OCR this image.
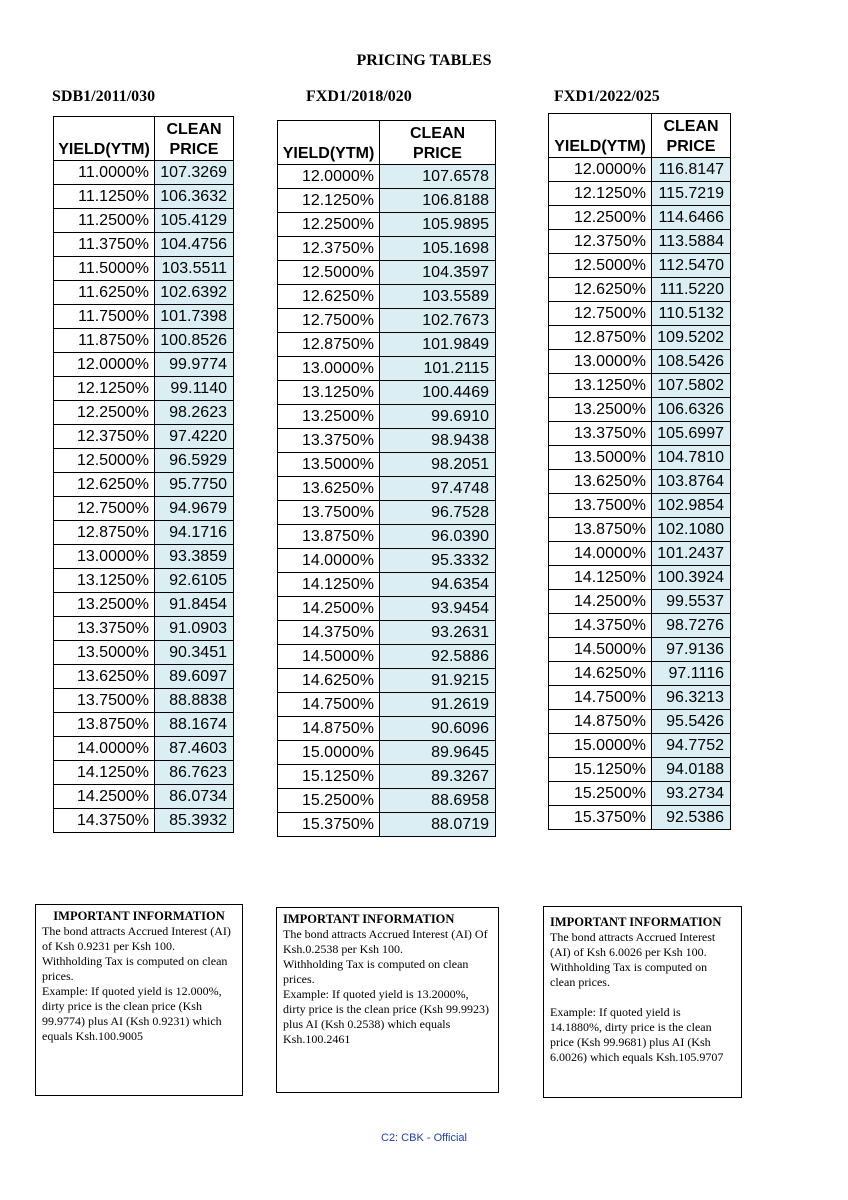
PRICING TABLES
SDB1/2011/030	FXD1/2018/020	FXD1/2022/025
YIELD(YTM)	CLEAN
PRICE
11.0000%	107.3269
11.1250%	106.3632
11.2500%	105.4129
11.3750%	104.4756
11.5000%	103.5511
11.6250%	102.6392
11.7500%	101.7398
11.8750%	100.8526
12.0000%	99.9774
12.1250%	99.1140
12.2500%	98.2623
12.3750%	97.4220
12.5000%	96.5929
12.6250%	95.7750
12.7500%	94.9679
12.8750%	94.1716
13.0000%	93.3859
13.1250%	92.6105
13.2500%	91.8454
13.3750%	91.0903
13.5000%	90.3451
13.6250%	89.6097
13.7500%	88.8838
13.8750%	88.1674
14.0000%	87.4603
14.1250%	86.7623
14.2500%	86.0734
14.3750%	85.3932
YIELD(YTM)	CLEAN
PRICE
12.0000%	107.6578
12.1250%	106.8188
12.2500%	105.9895
12.3750%	105.1698
12.5000%	104.3597
12.6250%	103.5589
12.7500%	102.7673
12.8750%	101.9849
13.0000%	101.2115
13.1250%	100.4469
13.2500%	99.6910
13.3750%	98.9438
13.5000%	98.2051
13.6250%	97.4748
13.7500%	96.7528
13.8750%	96.0390
14.0000%	95.3332
14.1250%	94.6354
14.2500%	93.9454
14.3750%	93.2631
14.5000%	92.5886
14.6250%	91.9215
14.7500%	91.2619
14.8750%	90.6096
15.0000%	89.9645
15.1250%	89.3267
15.2500%	88.6958
15.3750%	88.0719
YIELD(YTM)	CLEAN
PRICE
12.0000%	116.8147
12.1250%	115.7219
12.2500%	114.6466
12.3750%	113.5884
12.5000%	112.5470
12.6250%	111.5220
12.7500%	110.5132
12.8750%	109.5202
13.0000%	108.5426
13.1250%	107.5802
13.2500%	106.6326
13.3750%	105.6997
13.5000%	104.7810
13.6250%	103.8764
13.7500%	102.9854
13.8750%	102.1080
14.0000%	101.2437
14.1250%	100.3924
14.2500%	99.5537
14.3750%	98.7276
14.5000%	97.9136
14.6250%	97.1116
14.7500%	96.3213
14.8750%	95.5426
15.0000%	94.7752
15.1250%	94.0188
15.2500%	93.2734
15.3750%	92.5386
IMPORTANT INFORMATION

The bond attracts Accrued Interest (AI) of Ksh 0.9231 per Ksh 100.

Withholding Tax is computed on clean prices.

Example: If quoted yield is 12.000%, dirty price is the clean price (Ksh 99.9774) plus AI (Ksh 0.9231) which equals Ksh.100.9005

IMPORTANT INFORMATION

The bond attracts Accrued Interest (AI) Of Ksh.0.2538 per Ksh 100.

Withholding Tax is computed on clean prices.

Example: If quoted yield is 13.2000%, dirty price is the clean price (Ksh 99.9923) plus AI (Ksh 0.2538) which equals Ksh.100.2461

IMPORTANT INFORMATION

The bond attracts Accrued Interest (AI) of Ksh 6.0026 per Ksh 100.

Withholding Tax is computed on clean prices.

Example: If quoted yield is 14.1880%, dirty price is the clean price (Ksh 99.9681) plus AI (Ksh 6.0026) which equals Ksh.105.9707

C2: CBK - Official
